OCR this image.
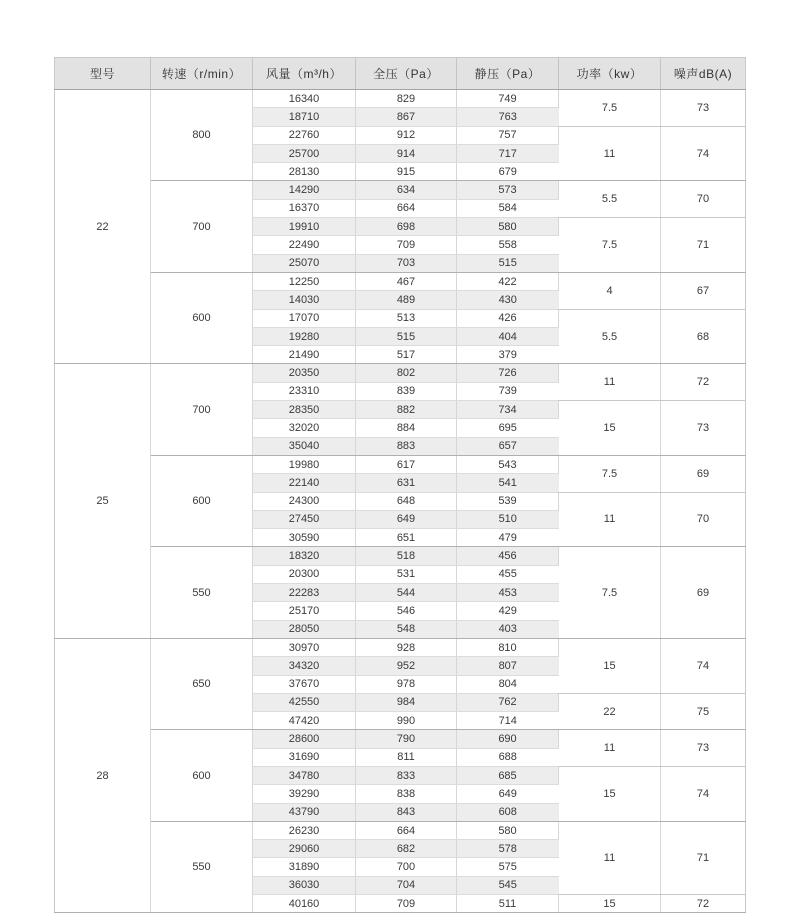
型号	转速（r/min）	风量（m³/h）	全压（Pa）	静压（Pa）	功率（kw）	噪声dB(A)
22	800	16340	829	749	7.5	73
		18710	867	763		
		22760	912	757	11	74
		25700	914	717		
		28130	915	679		
	700	14290	634	573	5.5	70
		16370	664	584		
		19910	698	580	7.5	71
		22490	709	558		
		25070	703	515		
	600	12250	467	422	4	67
		14030	489	430		
		17070	513	426	5.5	68
		19280	515	404		
		21490	517	379		
25	700	20350	802	726	11	72
		23310	839	739		
		28350	882	734	15	73
		32020	884	695		
		35040	883	657		
	600	19980	617	543	7.5	69
		22140	631	541		
		24300	648	539	11	70
		27450	649	510		
		30590	651	479		
	550	18320	518	456	7.5	69
		20300	531	455		
		22283	544	453		
		25170	546	429		
		28050	548	403		
28	650	30970	928	810	15	74
		34320	952	807		
		37670	978	804		
		42550	984	762	22	75
		47420	990	714		
	600	28600	790	690	11	73
		31690	811	688		
		34780	833	685	15	74
		39290	838	649		
		43790	843	608		
	550	26230	664	580	11	71
		29060	682	578		
		31890	700	575		
		36030	704	545		
		40160	709	511	15	72
